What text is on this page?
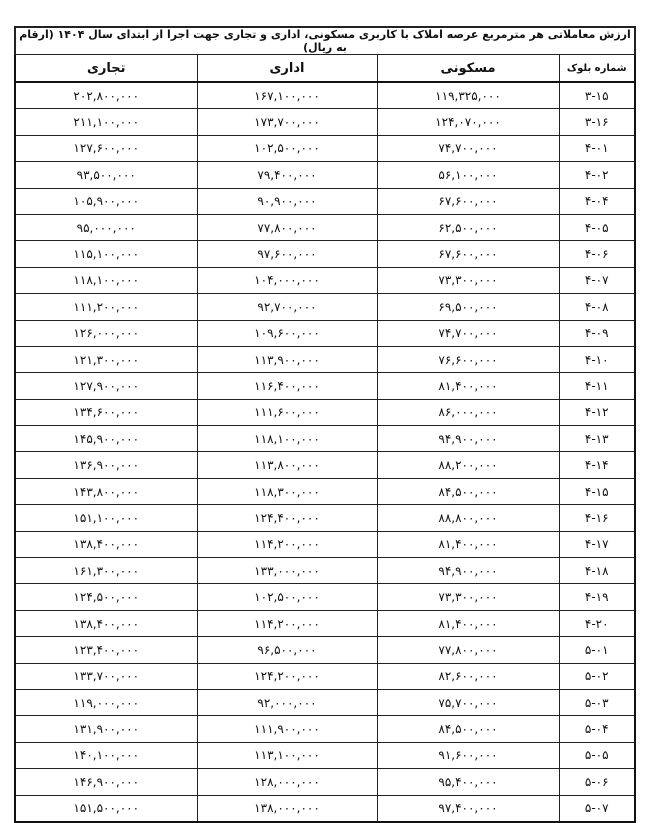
ارزش معاملاتی هر مترمربع عرصه املاک با کاربری مسکونی، اداری و تجاری جهت اجرا از ابتدای سال ۱۴۰۴ (ارقام به ریال)			
شماره بلوک	مسکونی	اداری	تجاری
۳-۱۵	۱۱۹,۳۲۵,۰۰۰	۱۶۷,۱۰۰,۰۰۰	۲۰۲,۸۰۰,۰۰۰
۳-۱۶	۱۲۴,۰۷۰,۰۰۰	۱۷۳,۷۰۰,۰۰۰	۲۱۱,۱۰۰,۰۰۰
۴-۰۱	۷۴,۷۰۰,۰۰۰	۱۰۲,۵۰۰,۰۰۰	۱۲۷,۶۰۰,۰۰۰
۴-۰۲	۵۶,۱۰۰,۰۰۰	۷۹,۴۰۰,۰۰۰	۹۳,۵۰۰,۰۰۰
۴-۰۴	۶۷,۶۰۰,۰۰۰	۹۰,۹۰۰,۰۰۰	۱۰۵,۹۰۰,۰۰۰
۴-۰۵	۶۲,۵۰۰,۰۰۰	۷۷,۸۰۰,۰۰۰	۹۵,۰۰۰,۰۰۰
۴-۰۶	۶۷,۶۰۰,۰۰۰	۹۷,۶۰۰,۰۰۰	۱۱۵,۱۰۰,۰۰۰
۴-۰۷	۷۳,۳۰۰,۰۰۰	۱۰۴,۰۰۰,۰۰۰	۱۱۸,۱۰۰,۰۰۰
۴-۰۸	۶۹,۵۰۰,۰۰۰	۹۲,۷۰۰,۰۰۰	۱۱۱,۲۰۰,۰۰۰
۴-۰۹	۷۴,۷۰۰,۰۰۰	۱۰۹,۶۰۰,۰۰۰	۱۲۶,۰۰۰,۰۰۰
۴-۱۰	۷۶,۶۰۰,۰۰۰	۱۱۳,۹۰۰,۰۰۰	۱۲۱,۳۰۰,۰۰۰
۴-۱۱	۸۱,۴۰۰,۰۰۰	۱۱۶,۴۰۰,۰۰۰	۱۲۷,۹۰۰,۰۰۰
۴-۱۲	۸۶,۰۰۰,۰۰۰	۱۱۱,۶۰۰,۰۰۰	۱۳۴,۶۰۰,۰۰۰
۴-۱۳	۹۴,۹۰۰,۰۰۰	۱۱۸,۱۰۰,۰۰۰	۱۴۵,۹۰۰,۰۰۰
۴-۱۴	۸۸,۲۰۰,۰۰۰	۱۱۳,۸۰۰,۰۰۰	۱۳۶,۹۰۰,۰۰۰
۴-۱۵	۸۴,۵۰۰,۰۰۰	۱۱۸,۳۰۰,۰۰۰	۱۴۳,۸۰۰,۰۰۰
۴-۱۶	۸۸,۸۰۰,۰۰۰	۱۲۴,۴۰۰,۰۰۰	۱۵۱,۱۰۰,۰۰۰
۴-۱۷	۸۱,۴۰۰,۰۰۰	۱۱۴,۲۰۰,۰۰۰	۱۳۸,۴۰۰,۰۰۰
۴-۱۸	۹۴,۹۰۰,۰۰۰	۱۳۳,۰۰۰,۰۰۰	۱۶۱,۳۰۰,۰۰۰
۴-۱۹	۷۳,۳۰۰,۰۰۰	۱۰۲,۵۰۰,۰۰۰	۱۲۴,۵۰۰,۰۰۰
۴-۲۰	۸۱,۴۰۰,۰۰۰	۱۱۴,۲۰۰,۰۰۰	۱۳۸,۴۰۰,۰۰۰
۵-۰۱	۷۷,۸۰۰,۰۰۰	۹۶,۵۰۰,۰۰۰	۱۲۳,۴۰۰,۰۰۰
۵-۰۲	۸۲,۶۰۰,۰۰۰	۱۲۴,۲۰۰,۰۰۰	۱۳۳,۷۰۰,۰۰۰
۵-۰۳	۷۵,۷۰۰,۰۰۰	۹۲,۰۰۰,۰۰۰	۱۱۹,۰۰۰,۰۰۰
۵-۰۴	۸۴,۵۰۰,۰۰۰	۱۱۱,۹۰۰,۰۰۰	۱۳۱,۹۰۰,۰۰۰
۵-۰۵	۹۱,۶۰۰,۰۰۰	۱۱۳,۱۰۰,۰۰۰	۱۴۰,۱۰۰,۰۰۰
۵-۰۶	۹۵,۴۰۰,۰۰۰	۱۲۸,۰۰۰,۰۰۰	۱۴۶,۹۰۰,۰۰۰
۵-۰۷	۹۷,۴۰۰,۰۰۰	۱۳۸,۰۰۰,۰۰۰	۱۵۱,۵۰۰,۰۰۰
